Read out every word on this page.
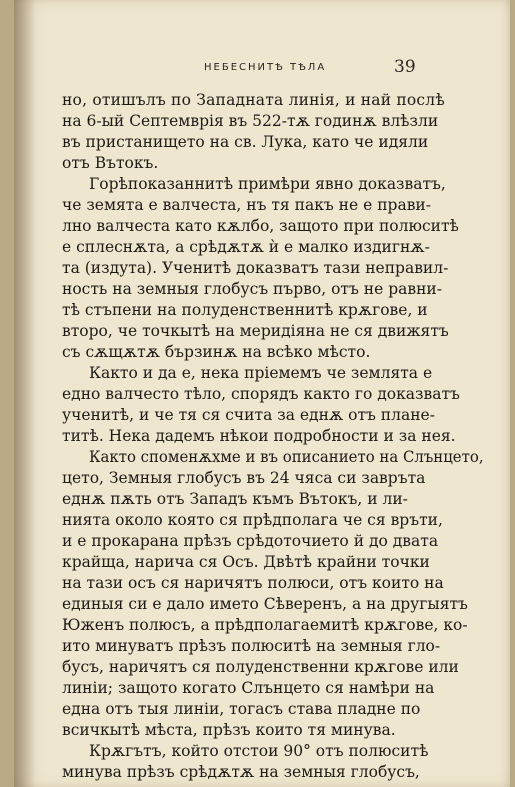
НЕБЕСНИТѢ ТѢЛА	39
но, отишълъ по Западната линія, и най послѣ
на 6-ый Септемврія въ 522-тѫ годинѫ влѣзли
въ пристанището на св. Лука, като че идяли
отъ Вътокъ.
Горѣпоказаннитѣ примѣри явно доказватъ,
че земята е валчеста, нъ тя пакъ не е прави-
лно валчеста като кѫлбо, защото при полюситѣ
е сплеснѫта, а срѣдѫтѫ ѝ е малко издигнѫ-
та (издута). Ученитѣ доказватъ тази неправил-
ность на земныя глобусъ първо, отъ не равни-
тѣ стъпени на полуденственнитѣ крѫгове, и
второ, че точкытѣ на меридіяна не ся движятъ
съ сѫщѫтѫ бързинѫ на всѣко мѣсто.
Както и да е, нека пріемемъ че землята е
едно валчесто тѣло, спорядъ както го доказватъ
ученитѣ, и че тя ся счита за еднѫ отъ плане-
титѣ. Нека дадемъ нѣкои подробности и за нея.
Както споменѫхме и въ описанието на Слънцето,
цето, Земныя глобусъ въ 24 чяса си завръта
еднѫ пѫть отъ Западъ къмъ Вътокъ, и ли-
нията около която ся прѣдполага че ся връти,
и е прокарана прѣзъ срѣдоточието й до двата
крайща, нарича ся Осъ. Двѣтѣ крайни точки
на тази осъ ся наричятъ полюси, отъ които на
единыя си е дало името Сѣверенъ, а на другыятъ
Юженъ полюсъ, а прѣдполагаемитѣ крѫгове, ко-
ито минуватъ прѣзъ полюситѣ на земныя гло-
бусъ, наричятъ ся полуденственни крѫгове или
линіи; защото когато Слънцето ся намѣри на
една отъ тыя линіи, тогасъ става пладне по
всичкытѣ мѣста, прѣзъ които тя минува.
Крѫгътъ, който отстои 90° отъ полюситѣ
минува прѣзъ срѣдѫтѫ на земныя глобусъ,
